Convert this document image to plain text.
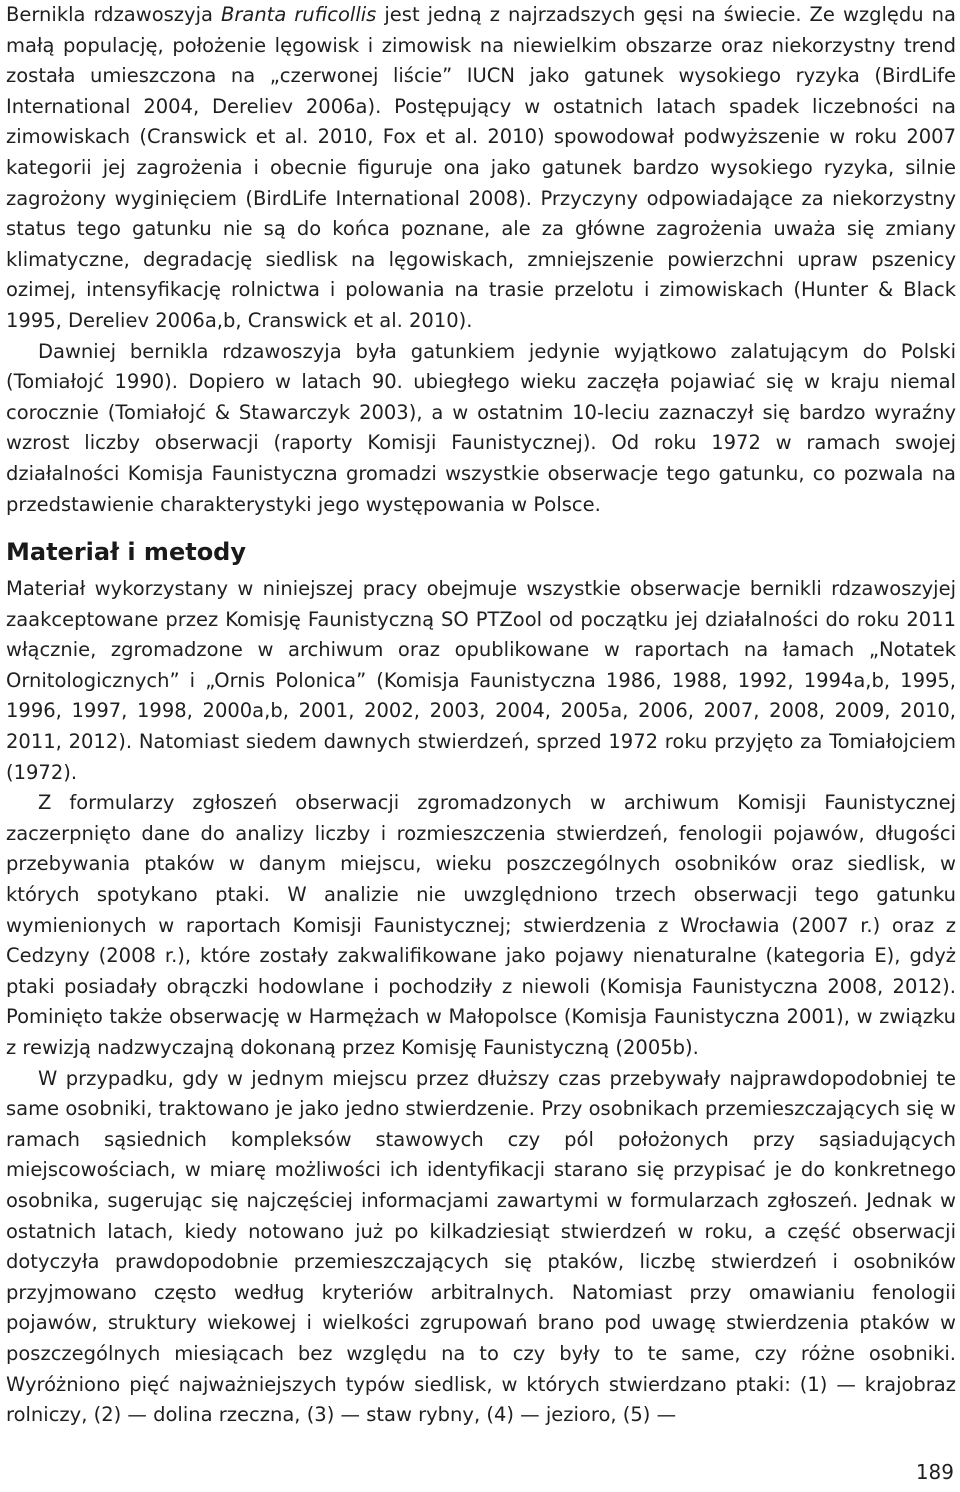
Bernikla rdzawoszyja Branta ruficollis jest jedną z najrzadszych gęsi na świecie. Ze względu na małą populację, położenie lęgowisk i zimowisk na niewielkim obszarze oraz niekorzystny trend została umieszczona na „czerwonej liście” IUCN jako gatunek wysokiego ryzyka (BirdLife International 2004, Dereliev 2006a). Postępujący w ostatnich latach spadek liczebności na zimowiskach (Cranswick et al. 2010, Fox et al. 2010) spowodował podwyższenie w roku 2007 kategorii jej zagrożenia i obecnie figuruje ona jako gatunek bardzo wysokiego ryzyka, silnie zagrożony wyginięciem (BirdLife International 2008). Przyczyny odpowiadające za niekorzystny status tego gatunku nie są do końca poznane, ale za główne zagrożenia uważa się zmiany klimatyczne, degradację siedlisk na lęgowiskach, zmniejszenie powierzchni upraw pszenicy ozimej, intensyfikację rolnictwa i polowania na trasie przelotu i zimowiskach (Hunter & Black 1995, Dereliev 2006a,b, Cranswick et al. 2010).

Dawniej bernikla rdzawoszyja była gatunkiem jedynie wyjątkowo zalatującym do Polski (Tomiałojć 1990). Dopiero w latach 90. ubiegłego wieku zaczęła pojawiać się w kraju niemal corocznie (Tomiałojć & Stawarczyk 2003), a w ostatnim 10-leciu zaznaczył się bardzo wyraźny wzrost liczby obserwacji (raporty Komisji Faunistycznej). Od roku 1972 w ramach swojej działalności Komisja Faunistyczna gromadzi wszystkie obserwacje tego gatunku, co pozwala na przedstawienie charakterystyki jego występowania w Polsce.

Materiał i metody

Materiał wykorzystany w niniejszej pracy obejmuje wszystkie obserwacje bernikli rdzawoszyjej zaakceptowane przez Komisję Faunistyczną SO PTZool od początku jej działalności do roku 2011 włącznie, zgromadzone w archiwum oraz opublikowane w raportach na łamach „Notatek Ornitologicznych” i „Ornis Polonica” (Komisja Faunistyczna 1986, 1988, 1992, 1994a,b, 1995, 1996, 1997, 1998, 2000a,b, 2001, 2002, 2003, 2004, 2005a, 2006, 2007, 2008, 2009, 2010, 2011, 2012). Natomiast siedem dawnych stwierdzeń, sprzed 1972 roku przyjęto za Tomiałojciem (1972).

Z formularzy zgłoszeń obserwacji zgromadzonych w archiwum Komisji Faunistycznej zaczerpnięto dane do analizy liczby i rozmieszczenia stwierdzeń, fenologii pojawów, długości przebywania ptaków w danym miejscu, wieku poszczególnych osobników oraz siedlisk, w których spotykano ptaki. W analizie nie uwzględniono trzech obserwacji tego gatunku wymienionych w raportach Komisji Faunistycznej; stwierdzenia z Wrocławia (2007 r.) oraz z Cedzyny (2008 r.), które zostały zakwalifikowane jako pojawy nienaturalne (kategoria E), gdyż ptaki posiadały obrączki hodowlane i pochodziły z niewoli (Komisja Faunistyczna 2008, 2012). Pominięto także obserwację w Harmężach w Małopolsce (Komisja Faunistyczna 2001), w związku z rewizją nadzwyczajną dokonaną przez Komisję Faunistyczną (2005b).

W przypadku, gdy w jednym miejscu przez dłuższy czas przebywały najprawdopodobniej te same osobniki, traktowano je jako jedno stwierdzenie. Przy osobnikach przemieszczających się w ramach sąsiednich kompleksów stawowych czy pól położonych przy sąsiadujących miejscowościach, w miarę możliwości ich identyfikacji starano się przypisać je do konkretnego osobnika, sugerując się najczęściej informacjami zawartymi w formularzach zgłoszeń. Jednak w ostatnich latach, kiedy notowano już po kilkadziesiąt stwierdzeń w roku, a część obserwacji dotyczyła prawdopodobnie przemieszczających się ptaków, liczbę stwierdzeń i osobników przyjmowano często według kryteriów arbitralnych. Natomiast przy omawianiu fenologii pojawów, struktury wiekowej i wielkości zgrupowań brano pod uwagę stwierdzenia ptaków w poszczególnych miesiącach bez względu na to czy były to te same, czy różne osobniki. Wyróżniono pięć najważniejszych typów siedlisk, w których stwierdzano ptaki: (1) — krajobraz rolniczy, (2) — dolina rzeczna, (3) — staw rybny, (4) — jezioro, (5) —

189
